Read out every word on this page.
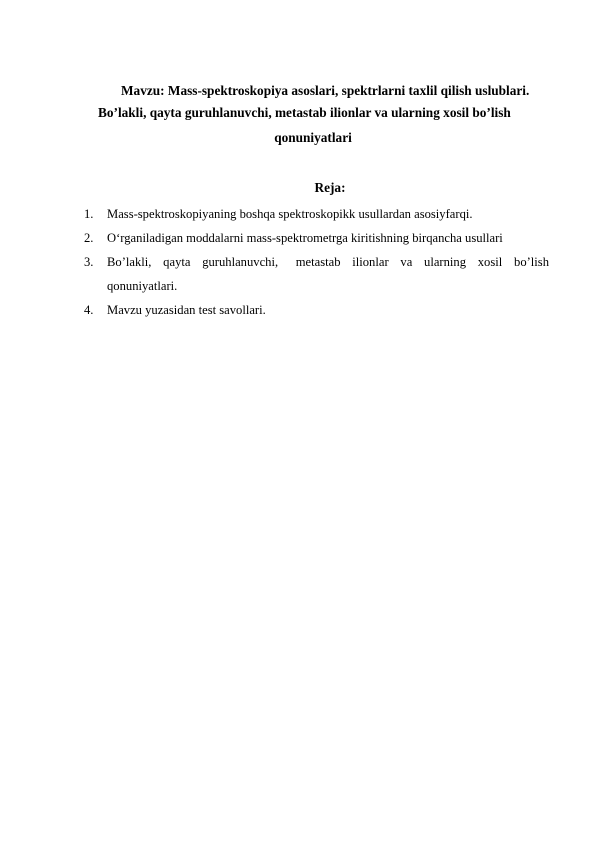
Mavzu: Mass-spektroskopiya asoslari, spektrlarni taxlil qilish uslublari.
Bo’lakli, qayta guruhlanuvchi, metastab ilionlar va ularning xosil bo’lish
qonuniyatlari
Reja:
1. Mass-spektroskopiyaning boshqa spektroskopikk usullardan asosiyfarqi.
2. O‘rganiladigan moddalarni mass-spektrometrga kiritishning birqancha usullari
3. Bo’lakli,  qayta  guruhlanuvchi,   metastab  ilionlar  va  ularning  xosil  bo’lish
qonuniyatlari.
4. Mavzu yuzasidan test savollari.
